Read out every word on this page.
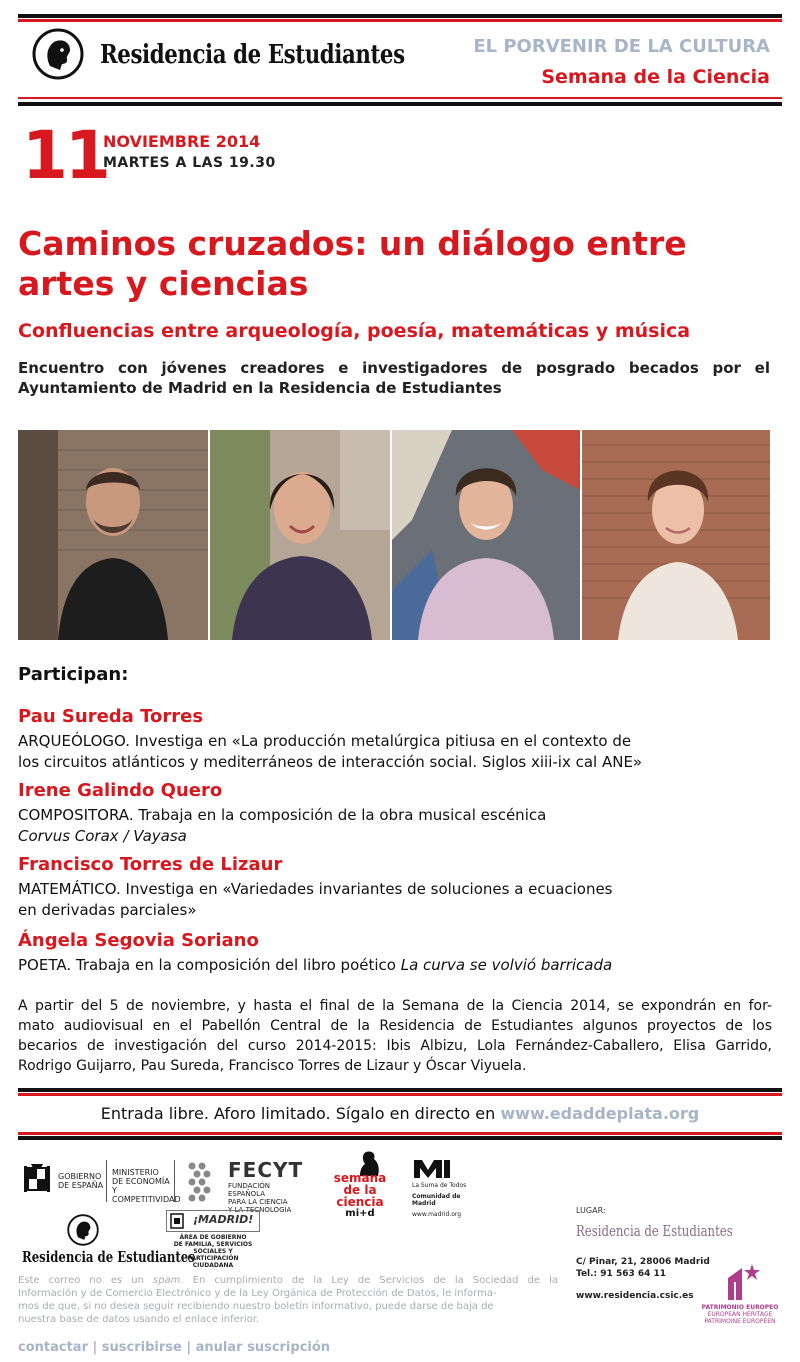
Residencia de Estudiantes	EL PORVENIR DE LA CULTURA
Semana de la Ciencia
11
NOVIEMBRE 2014
MARTES A LAS 19.30
Caminos cruzados: un diálogo entre
artes y ciencias
Confluencias entre arqueología, poesía, matemáticas y música
Encuentro con jóvenes creadores e investigadores de posgrado becados por el
Ayuntamiento de Madrid en la Residencia de Estudiantes
Participan:
Pau Sureda Torres
ARQUEÓLOGO. Investiga en «La producción metalúrgica pitiusa en el contexto de
los circuitos atlánticos y mediterráneos de interacción social. Siglos xiii-ix cal ANE»
Irene Galindo Quero
COMPOSITORA. Trabaja en la composición de la obra musical escénica
Corvus Corax / Vayasa
Francisco Torres de Lizaur
MATEMÁTICO. Investiga en «Variedades invariantes de soluciones a ecuaciones
en derivadas parciales»
Ángela Segovia Soriano
POETA. Trabaja en la composición del libro poético La curva se volvió barricada
A partir del 5 de noviembre, y hasta el final de la Semana de la Ciencia 2014, se expondrán en for-
mato audiovisual en el Pabellón Central de la Residencia de Estudiantes algunos proyectos de los
becarios de investigación del curso 2014-2015: Ibis Albizu, Lola Fernández-Caballero, Elisa Garrido,
Rodrigo Guijarro, Pau Sureda, Francisco Torres de Lizaur y Óscar Viyuela.
Entrada libre. Aforo limitado. Sígalo en directo en www.edaddeplata.org
GOBIERNO
DE ESPAÑA
MINISTERIO
DE ECONOMÍA
Y COMPETITIVIDAD
FECYT
FUNDACIÓN ESPAÑOLA
PARA LA CIENCIA
Y LA TECNOLOGÍA
semana
de la ciencia
mi+d
La Suma de Todos
Comunidad de Madrid
www.madrid.org
Residencia de Estudiantes
¡MADRID!
ÁREA DE GOBIERNO
DE FAMILIA, SERVICIOS
SOCIALES Y PARTICIPACIÓN
CIUDADANA
LUGAR:
Residencia de Estudiantes
C/ Pinar, 21, 28006 Madrid
Tel.: 91 563 64 11
www.residencia.csic.es
PATRIMONIO EUROPEO
EUROPEAN HERITAGE
PATRIMOINE EUROPÉEN
Este correo no es un spam. En cumplimiento de la Ley de Servicios de la Sociedad de la
Información y de Comercio Electrónico y de la Ley Orgánica de Protección de Datos, le informa-
mos de que, si no desea seguir recibiendo nuestro boletín informativo, puede darse de baja de
nuestra base de datos usando el enlace inferior.
contactar | suscribirse | anular suscripción
